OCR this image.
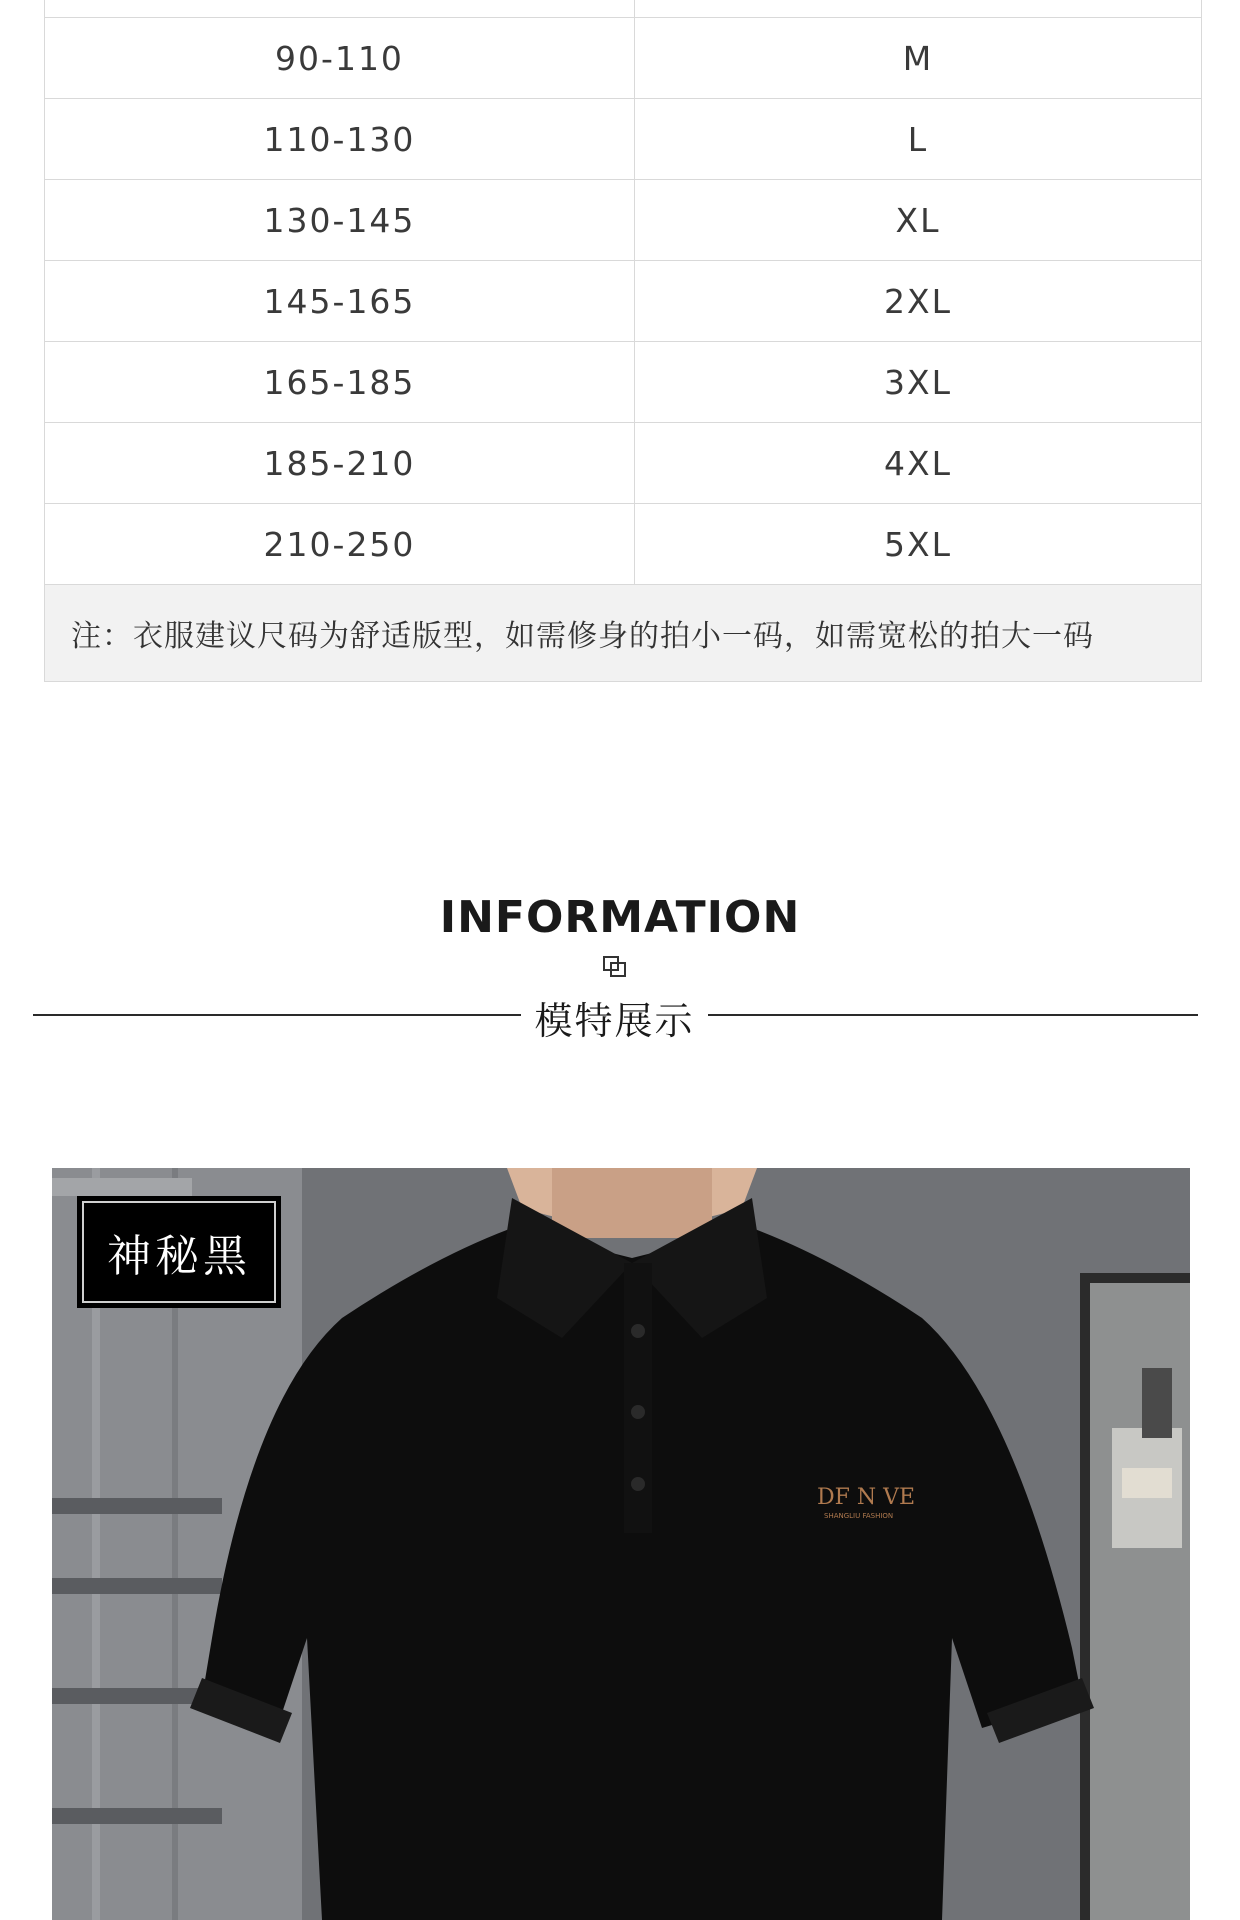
90-110	M
110-130	L
130-145	XL
145-165	2XL
165-185	3XL
185-210	4XL
210-250	5XL
注：衣服建议尺码为舒适版型，如需修身的拍小一码，如需宽松的拍大一码
INFORMATION
模特展示
DF N VE
SHANGLIU FASHION
神秘黑
